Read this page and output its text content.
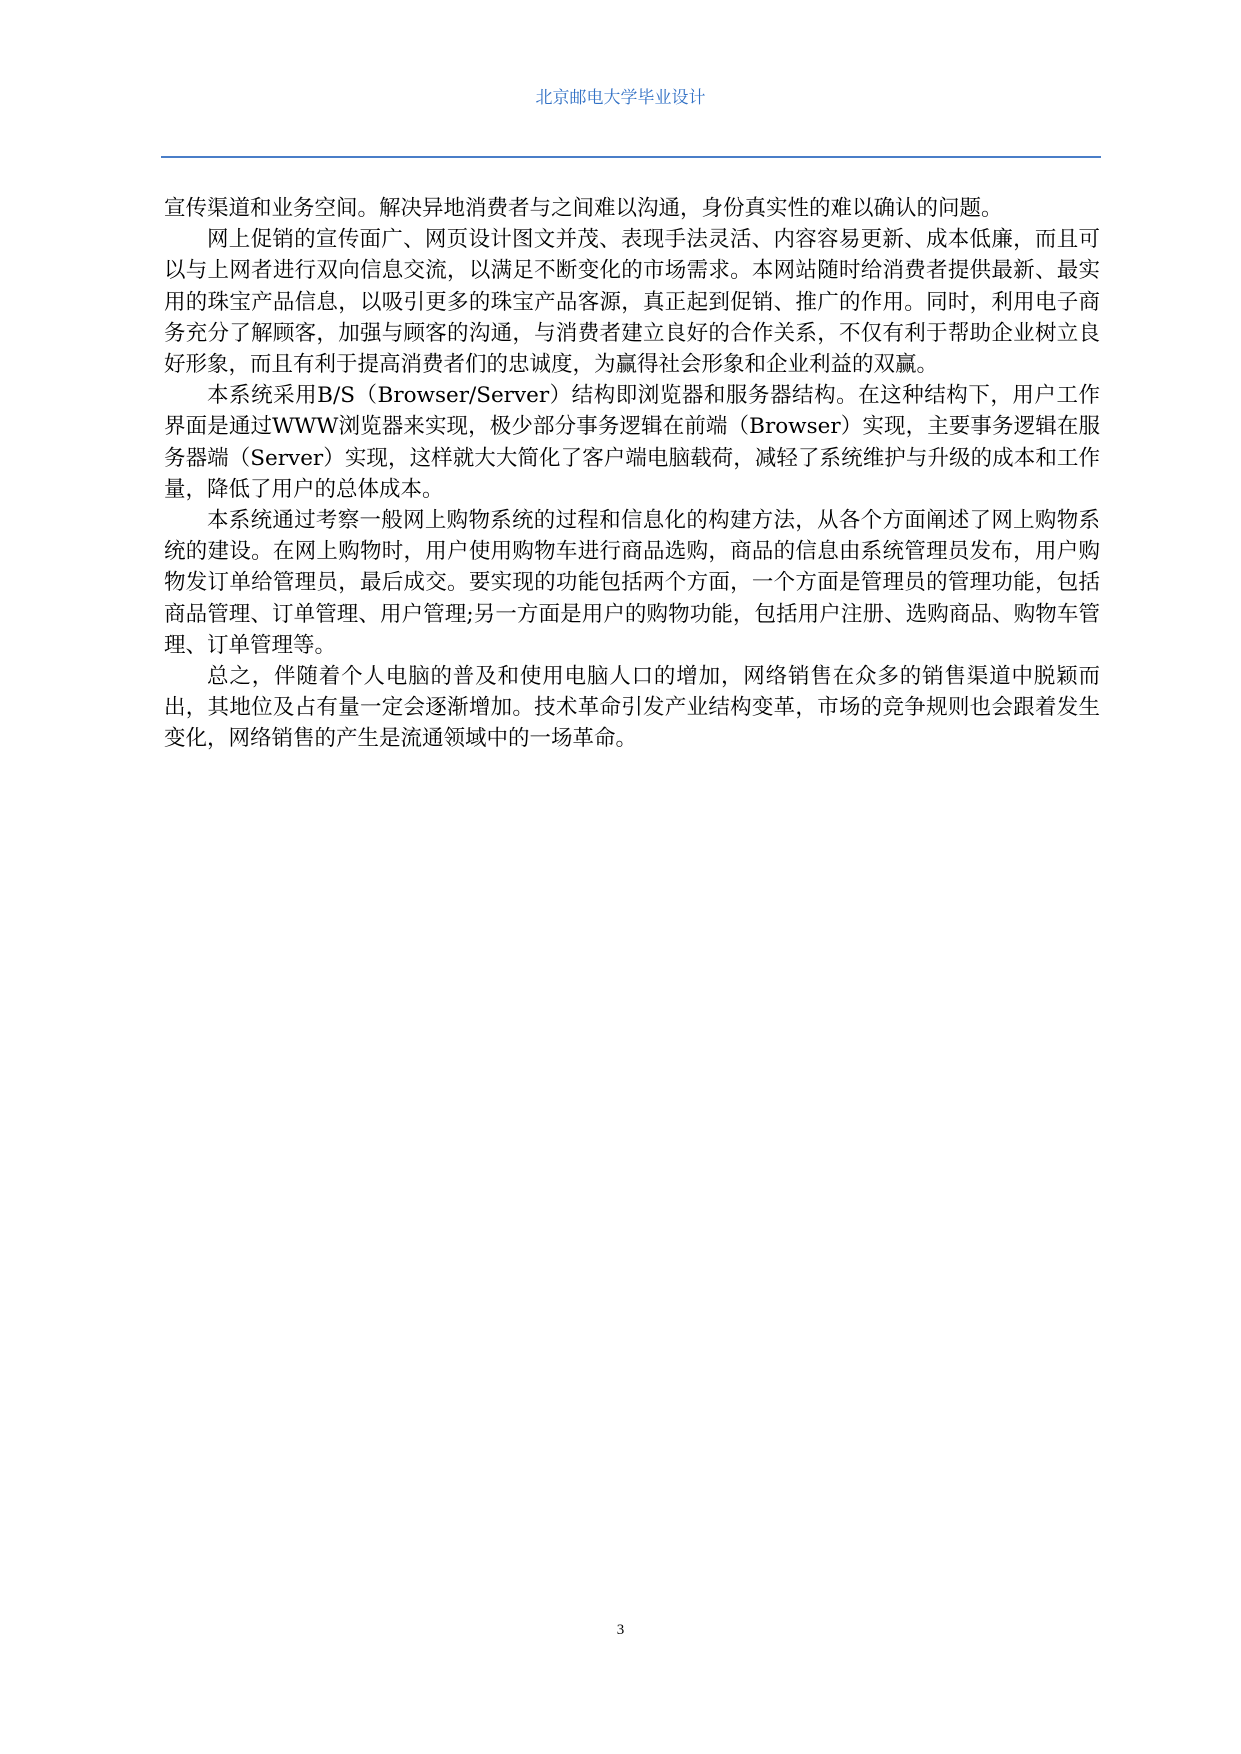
北京邮电大学毕业设计

宣传渠道和业务空间。解决异地消费者与之间难以沟通，身份真实性的难以确认的问题。

网上促销的宣传面广、网页设计图文并茂、表现手法灵活、内容容易更新、成本低廉，而且可以与上网者进行双向信息交流，以满足不断变化的市场需求。本网站随时给消费者提供最新、最实用的珠宝产品信息，以吸引更多的珠宝产品客源，真正起到促销、推广的作用。同时，利用电子商务充分了解顾客，加强与顾客的沟通，与消费者建立良好的合作关系，不仅有利于帮助企业树立良好形象，而且有利于提高消费者们的忠诚度，为赢得社会形象和企业利益的双赢。

本系统采用B/S（Browser/Server）结构即浏览器和服务器结构。在这种结构下，用户工作界面是通过WWW浏览器来实现，极少部分事务逻辑在前端（Browser）实现，主要事务逻辑在服务器端（Server）实现，这样就大大简化了客户端电脑载荷，减轻了系统维护与升级的成本和工作量，降低了用户的总体成本。

本系统通过考察一般网上购物系统的过程和信息化的构建方法，从各个方面阐述了网上购物系统的建设。在网上购物时，用户使用购物车进行商品选购，商品的信息由系统管理员发布，用户购物发订单给管理员，最后成交。要实现的功能包括两个方面，一个方面是管理员的管理功能，包括商品管理、订单管理、用户管理;另一方面是用户的购物功能，包括用户注册、选购商品、购物车管理、订单管理等。

总之，伴随着个人电脑的普及和使用电脑人口的增加，网络销售在众多的销售渠道中脱颖而出，其地位及占有量一定会逐渐增加。技术革命引发产业结构变革，市场的竞争规则也会跟着发生变化，网络销售的产生是流通领域中的一场革命。

3
